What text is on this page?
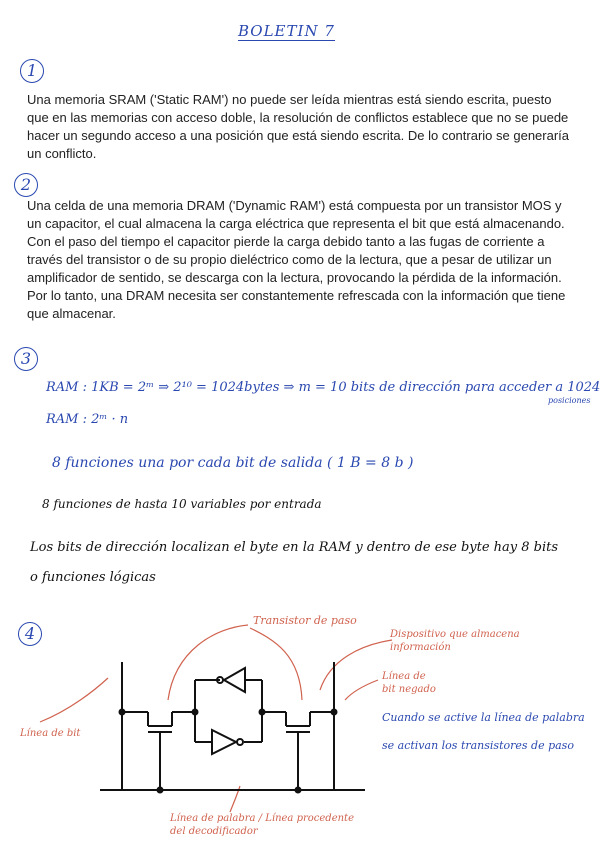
BOLETIN 7
1

Una memoria SRAM ('Static RAM') no puede ser leída mientras está siendo escrita, puesto que en las memorias con acceso doble, la resolución de conflictos establece que no se puede hacer un segundo acceso a una posición que está siendo escrita. De lo contrario se generaría un conflicto.

2

Una celda de una memoria DRAM ('Dynamic RAM') está compuesta por un transistor MOS y un capacitor, el cual almacena la carga eléctrica que representa el bit que está almacenando. Con el paso del tiempo el capacitor pierde la carga debido tanto a las fugas de corriente a través del transistor o de su propio dieléctrico como de la lectura, que a pesar de utilizar un amplificador de sentido, se descarga con la lectura, provocando la pérdida de la información. Por lo tanto, una DRAM necesita ser constantemente refrescada con la información que tiene que almacenar.

3
RAM : 1KB = 2ᵐ ⇒ 2¹⁰ = 1024bytes ⇒ m = 10 bits de dirección para acceder a 1024
posiciones
RAM : 2ᵐ · n
8 funciones una por cada bit de salida ( 1 B = 8 b )
8 funciones de hasta 10 variables por entrada
Los bits de dirección localizan el byte en la RAM y dentro de ese byte hay 8 bits
o funciones lógicas
4
Transistor de paso
Dispositivo que almacena información
Línea de bit negado
Línea de bit
Línea de palabra / Línea procedente del decodificador
Cuando se active la línea de palabra
se activan los transistores de paso
